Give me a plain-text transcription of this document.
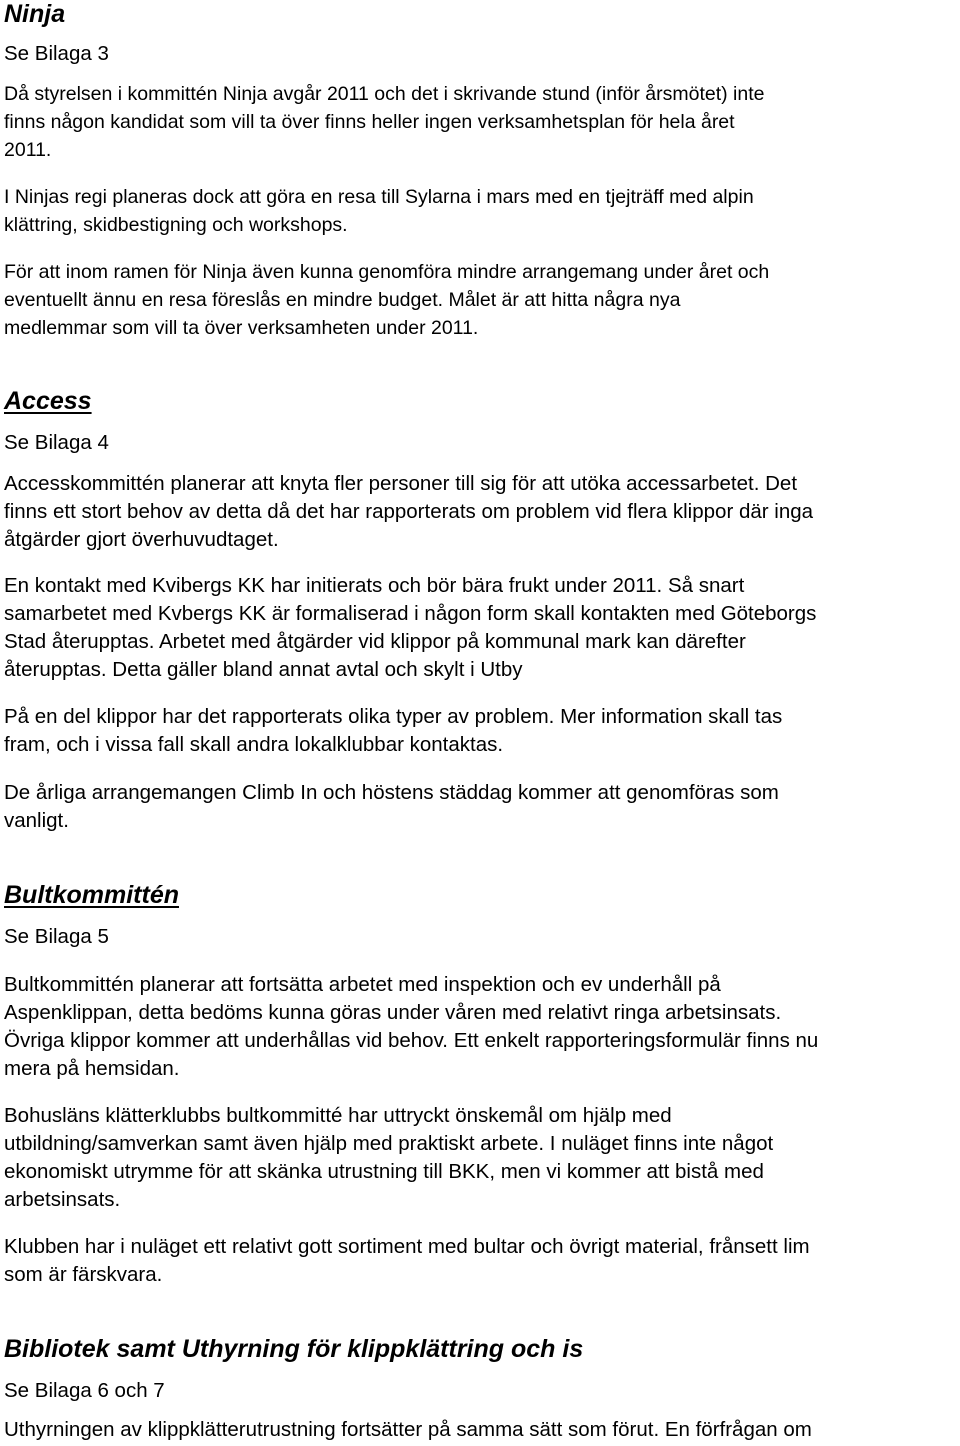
Ninja

Se Bilaga 3

Då styrelsen i kommittén Ninja avgår 2011 och det i skrivande stund (inför årsmötet) inte
finns någon kandidat som vill ta över finns heller ingen verksamhetsplan för hela året
2011.

I Ninjas regi planeras dock att göra en resa till Sylarna i mars med en tjejträff med alpin
klättring, skidbestigning och workshops.

För att inom ramen för Ninja även kunna genomföra mindre arrangemang under året och
eventuellt ännu en resa föreslås en mindre budget. Målet är att hitta några nya
medlemmar som vill ta över verksamheten under 2011.

Access

Se Bilaga 4

Accesskommittén planerar att knyta fler personer till sig för att utöka accessarbetet. Det
finns ett stort behov av detta då det har rapporterats om problem vid flera klippor där inga
åtgärder gjort överhuvudtaget.

En kontakt med Kvibergs KK har initierats och bör bära frukt under 2011. Så snart
samarbetet med Kvbergs KK är formaliserad i någon form skall kontakten med Göteborgs
Stad återupptas. Arbetet med åtgärder vid klippor på kommunal mark kan därefter
återupptas. Detta gäller bland annat avtal och skylt i Utby

På en del klippor har det rapporterats olika typer av problem. Mer information skall tas
fram, och i vissa fall skall andra lokalklubbar kontaktas.

De årliga arrangemangen Climb In och höstens städdag kommer att genomföras som
vanligt.

Bultkommittén

Se Bilaga 5

Bultkommittén planerar att fortsätta arbetet med inspektion och ev underhåll på
Aspenklippan, detta bedöms kunna göras under våren med relativt ringa arbetsinsats.
Övriga klippor kommer att underhållas vid behov. Ett enkelt rapporteringsformulär finns nu
mera på hemsidan.

Bohusläns klätterklubbs bultkommitté har uttryckt önskemål om hjälp med
utbildning/samverkan samt även hjälp med praktiskt arbete. I nuläget finns inte något
ekonomiskt utrymme för att skänka utrustning till BKK, men vi kommer att bistå med
arbetsinsats.

Klubben har i nuläget ett relativt gott sortiment med bultar och övrigt material, frånsett lim
som är färskvara.

Bibliotek samt Uthyrning för klippklättring och is

Se Bilaga 6 och 7

Uthyrningen av klippklätterutrustning fortsätter på samma sätt som förut. En förfrågan om
